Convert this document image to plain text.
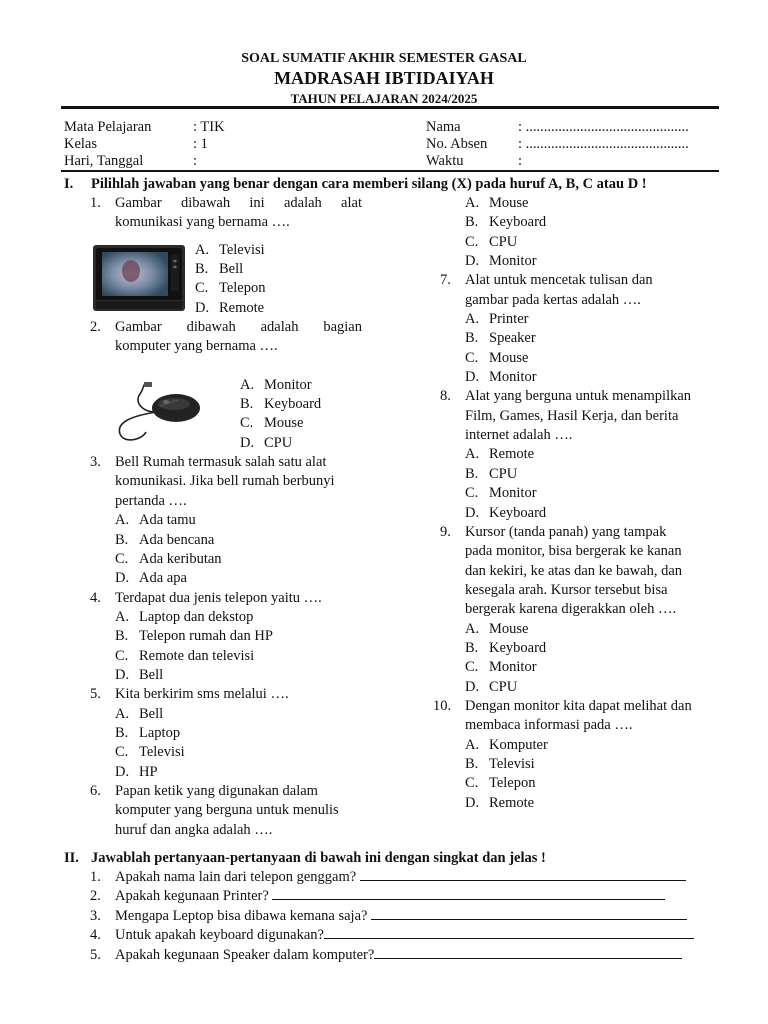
SOAL SUMATIF AKHIR SEMESTER GASAL
MADRASAH IBTIDAIYAH
TAHUN PELAJARAN 2024/2025
Mata Pelajaran	: TIK
Kelas	: 1
Hari, Tanggal	:
Nama	: .............................................
No. Absen : .............................................
Waktu	:
I. Pilihlah jawaban yang benar dengan cara memberi silang (X) pada huruf A, B, C atau D !
1. Gambar dibawah ini adalah alat
komunikasi yang bernama ….
A. Televisi
B. Bell
C. Telepon
D. Remote
2. Gambar dibawah adalah bagian
komputer yang bernama ….
A. Monitor
B. Keyboard
C. Mouse
D. CPU
3. Bell Rumah termasuk salah satu alat
komunikasi. Jika bell rumah berbunyi
pertanda ….
A. Ada tamu
B. Ada bencana
C. Ada keributan
D. Ada apa
4. Terdapat dua jenis telepon yaitu ….
A. Laptop dan dekstop
B. Telepon rumah dan HP
C. Remote dan televisi
D. Bell
5. Kita berkirim sms melalui ….
A. Bell
B. Laptop
C. Televisi
D. HP
6. Papan ketik yang digunakan dalam
komputer yang berguna untuk menulis
huruf dan angka adalah ….
A. Mouse
B. Keyboard
C. CPU
D. Monitor
7. Alat untuk mencetak tulisan dan
gambar pada kertas adalah ….
A. Printer
B. Speaker
C. Mouse
D. Monitor
8. Alat yang berguna untuk menampilkan
Film, Games, Hasil Kerja, dan berita
internet adalah ….
A. Remote
B. CPU
C. Monitor
D. Keyboard
9. Kursor (tanda panah) yang tampak
pada monitor, bisa bergerak ke kanan
dan kekiri, ke atas dan ke bawah, dan
kesegala arah. Kursor tersebut bisa
bergerak karena digerakkan oleh ….
A. Mouse
B. Keyboard
C. Monitor
D. CPU
10. Dengan monitor kita dapat melihat dan
membaca informasi pada ….
A. Komputer
B. Televisi
C. Telepon
D. Remote
II. Jawablah pertanyaan-pertanyaan di bawah ini dengan singkat dan jelas !
1. Apakah nama lain dari telepon genggam?
2. Apakah kegunaan Printer?
3. Mengapa Leptop bisa dibawa kemana saja?
4. Untuk apakah keyboard digunakan?
5. Apakah kegunaan Speaker dalam komputer?
